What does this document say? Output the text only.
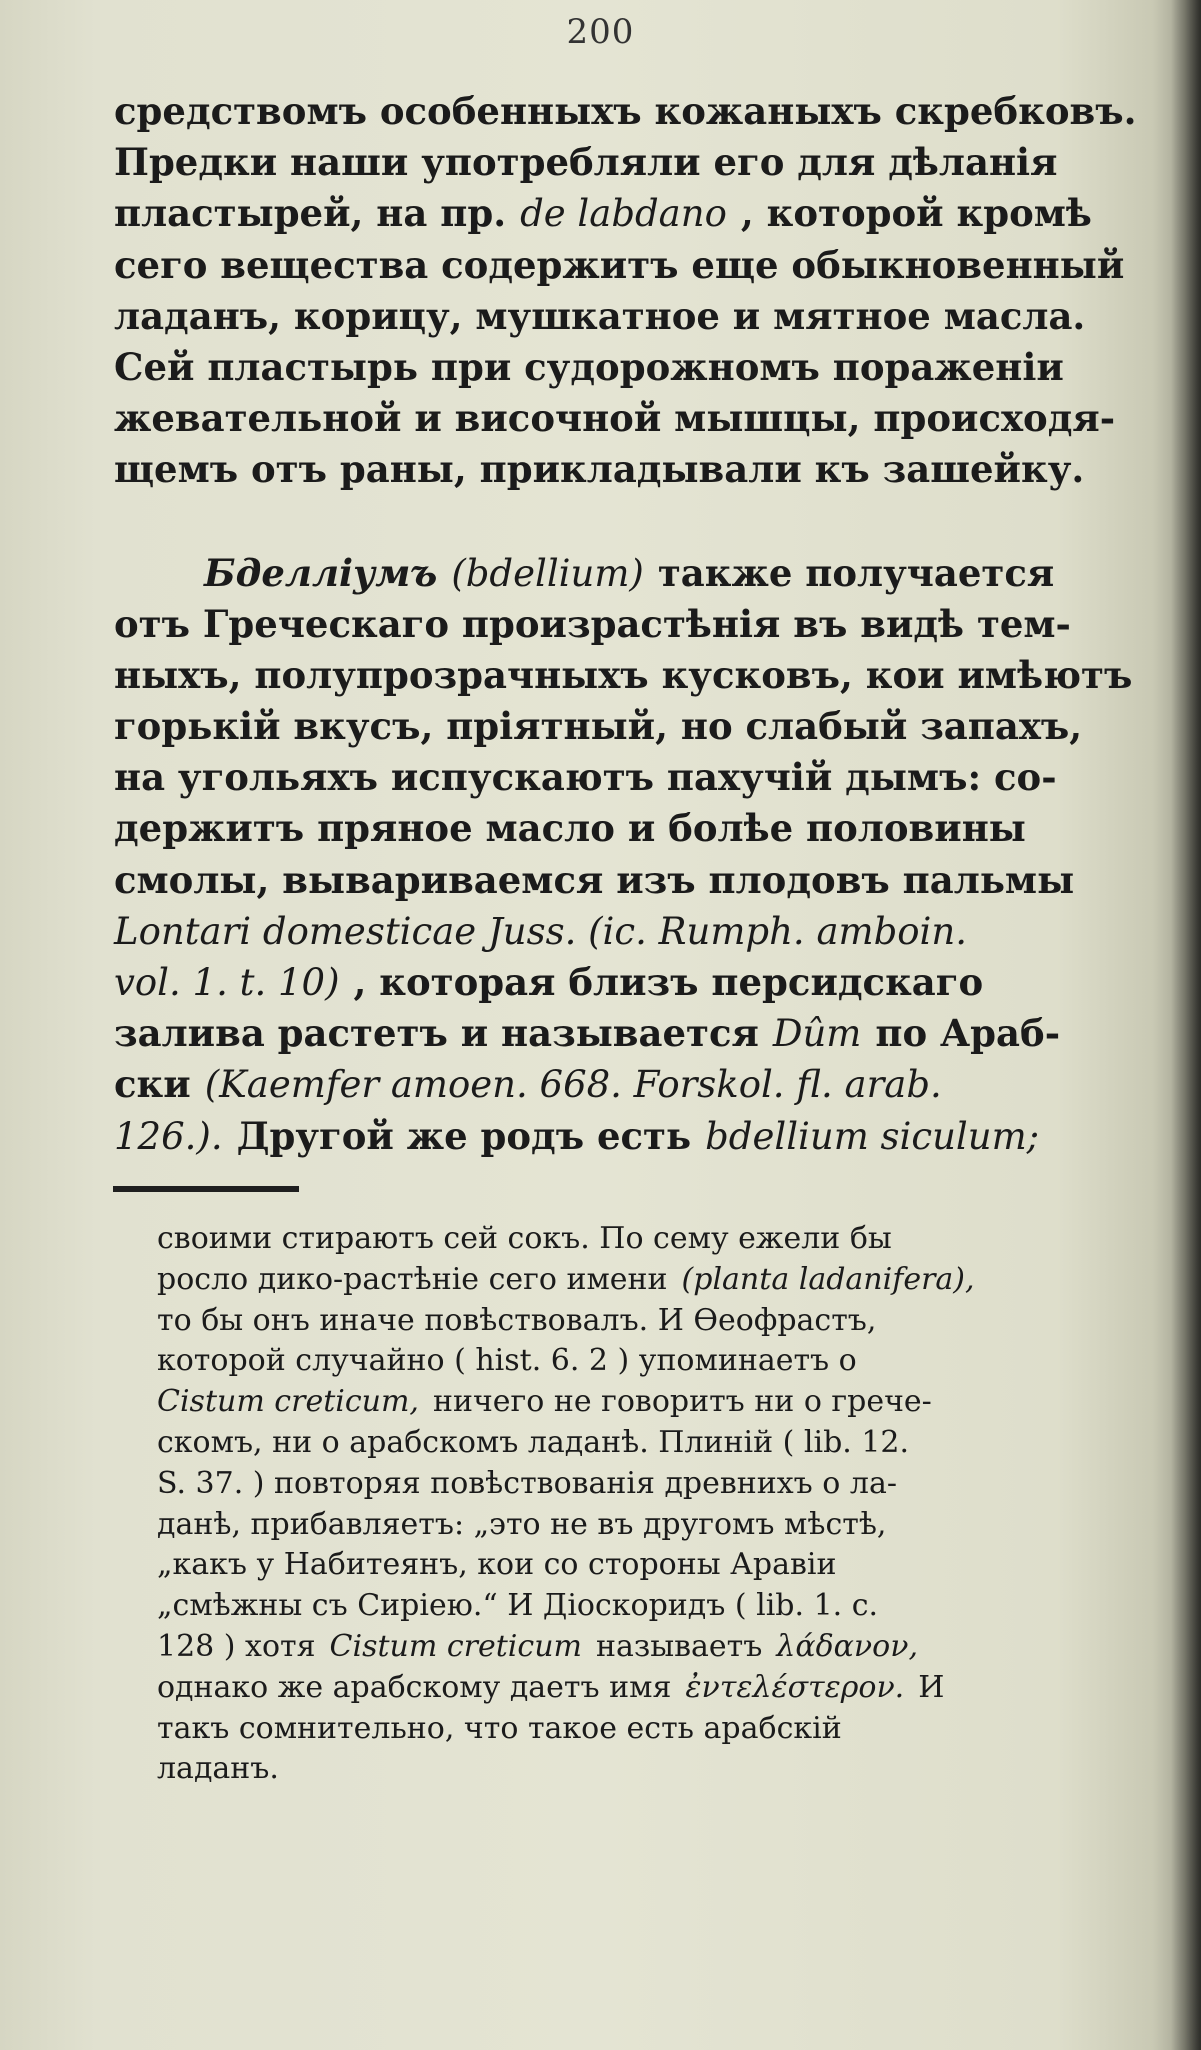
200
средствомъ особенныхъ кожаныхъ скребковъ.
Предки наши употребляли его для дѣланія
пластырей, на пр. de labdano , которой кромѣ
сего вещества содержитъ еще обыкновенный
ладанъ, корицу, мушкатное и мятное масла.
Сей пластырь при судорожномъ пораженіи
жевательной и височной мышцы, происходя-
щемъ отъ раны, прикладывали къ зашейку.
Бделліумъ (bdellium) также получается
отъ Греческаго произрастѣнія въ видѣ тем-
ныхъ, полупрозрачныхъ кусковъ, кои имѣютъ
горькій вкусъ, пріятный, но слабый запахъ,
на угольяхъ испускаютъ пахучій дымъ: со-
держитъ пряное масло и болѣе половины
смолы, вывариваемся изъ плодовъ пальмы
Lontari domesticae Juss. (ic. Rumph. amboin.
vol. 1. t. 10) , которая близъ персидскаго
залива растетъ и называется Dûm по Араб-
ски (Kaemfer amoen. 668. Forskol. fl. arab.
126.). Другой же родъ есть bdellium siculum;
своими стираютъ сей сокъ. По сему ежели бы
росло дико-растѣніе сего имени (planta ladanifera),
то бы онъ иначе повѣствовалъ. И Ѳеофрастъ,
которой случайно ( hist. 6. 2 ) упоминаетъ о
Cistum creticum, ничего не говоритъ ни о грече-
скомъ, ни о арабскомъ ладанѣ. Плиній ( lib. 12.
S. 37. ) повторяя повѣствованія древнихъ о ла-
данѣ, прибавляетъ: „это не въ другомъ мѣстѣ,
„какъ у Набитеянъ, кои со стороны Аравіи
„смѣжны съ Сиріею.“ И Діоскоридъ ( lib. 1. c.
128 ) хотя Cistum creticum называетъ λάδανον,
однако же арабскому даетъ имя ἐντελέστερον. И
такъ сомнительно, что такое есть арабскій
ладанъ.
